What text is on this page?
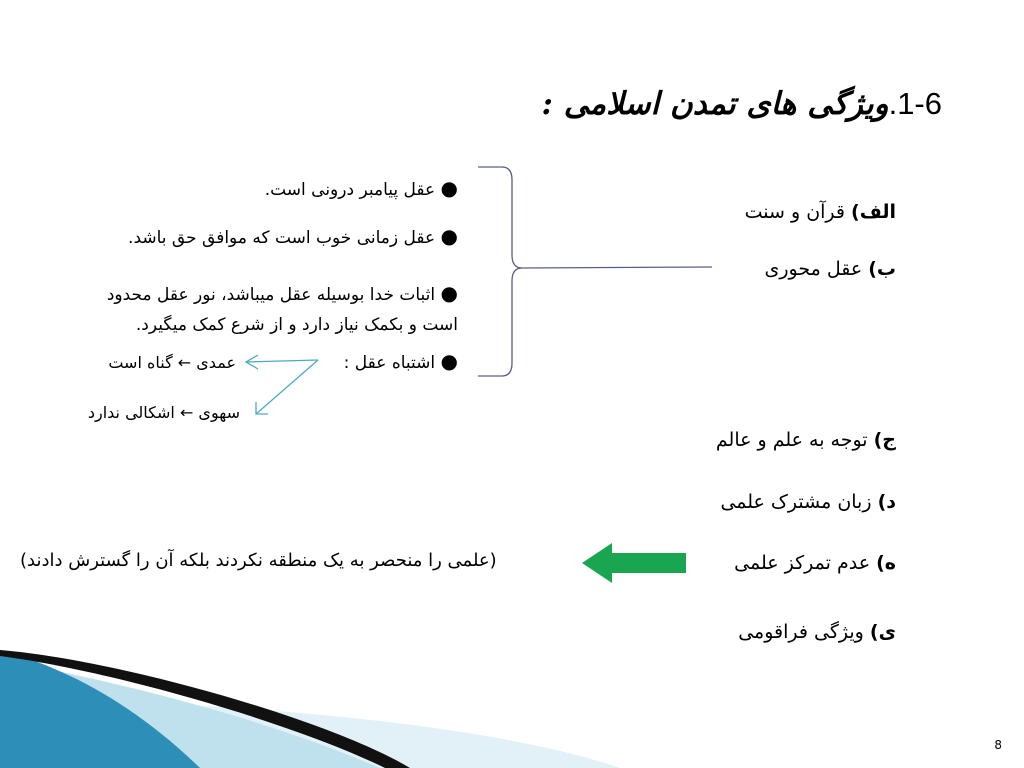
1-6.ویژگی های تمدن اسلامی :
الف) قرآن و سنت
ب) عقل محوری
ج) توجه به علم و عالم
د) زبان مشترک علمی
ه) عدم تمرکز علمی
ی) ویژگی فراقومی
● عقل پیامبر درونی است.
● عقل زمانی خوب است که موافق حق باشد.
● اثبات خدا بوسیله عقل میباشد، نور عقل محدود
است و بکمک نیاز دارد و از شرع کمک میگیرد.
● اشتباه عقل :
عمدی ← گناه است
سهوی ← اشکالی ندارد
(علمی را منحصر به یک منطقه نکردند بلکه آن را گسترش دادند)
8
